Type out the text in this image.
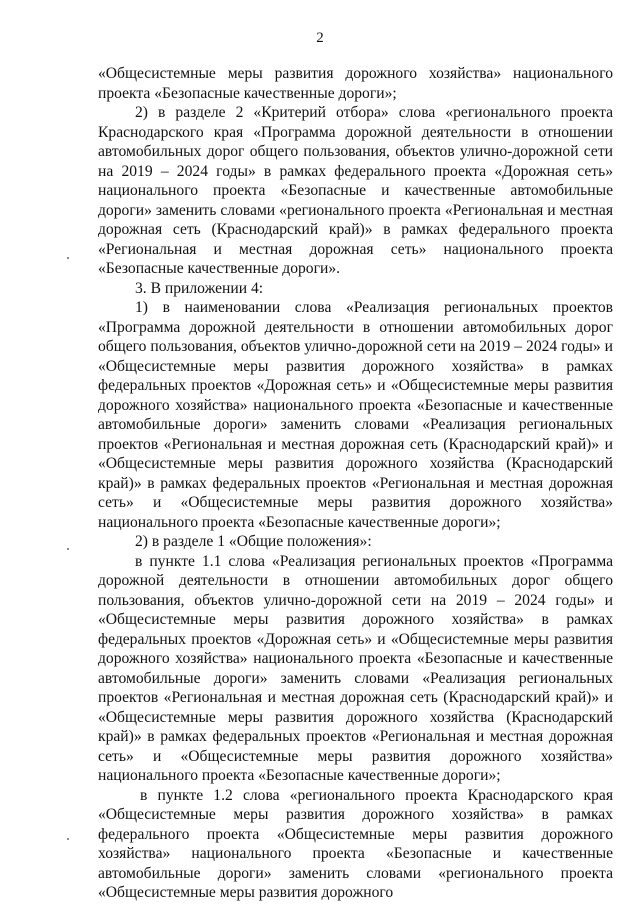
2

«Общесистемные меры развития дорожного хозяйства» национального проекта «Безопасные качественные дороги»;

2) в разделе 2 «Критерий отбора» слова «регионального проекта Краснодарского края «Программа дорожной деятельности в отношении автомобильных дорог общего пользования, объектов улично-дорожной сети на 2019 – 2024 годы» в рамках федерального проекта «Дорожная сеть» национального проекта «Безопасные и качественные автомобильные дороги» заменить словами «регионального проекта «Региональная и местная дорожная сеть (Краснодарский край)» в рамках федерального проекта «Региональная и местная дорожная сеть» национального проекта «Безопасные качественные дороги».

3. В приложении 4:

1) в наименовании слова «Реализация региональных проектов «Программа дорожной деятельности в отношении автомобильных дорог общего пользования, объектов улично-дорожной сети на 2019 – 2024 годы» и «Общесистемные меры развития дорожного хозяйства» в рамках федеральных проектов «Дорожная сеть» и «Общесистемные меры развития дорожного хозяйства» национального проекта «Безопасные и качественные автомобильные дороги» заменить словами «Реализация региональных проектов «Региональная и местная дорожная сеть (Краснодарский край)» и «Общесистемные меры развития дорожного хозяйства (Краснодарский край)» в рамках федеральных проектов «Региональная и местная дорожная сеть» и «Общесистемные меры развития дорожного хозяйства» национального проекта «Безопасные качественные дороги»;

2) в разделе 1 «Общие положения»:

в пункте 1.1 слова «Реализация региональных проектов «Программа дорожной деятельности в отношении автомобильных дорог общего пользования, объектов улично-дорожной сети на 2019 – 2024 годы» и «Общесистемные меры развития дорожного хозяйства» в рамках федеральных проектов «Дорожная сеть» и «Общесистемные меры развития дорожного хозяйства» национального проекта «Безопасные и качественные автомобильные дороги» заменить словами «Реализация региональных проектов «Региональная и местная дорожная сеть (Краснодарский край)» и «Общесистемные меры развития дорожного хозяйства (Краснодарский край)» в рамках федеральных проектов «Региональная и местная дорожная сеть» и «Общесистемные меры развития дорожного хозяйства» национального проекта «Безопасные качественные дороги»;

в пункте 1.2 слова «регионального проекта Краснодарского края «Общесистемные меры развития дорожного хозяйства» в рамках федерального проекта «Общесистемные меры развития дорожного хозяйства» национального проекта «Безопасные и качественные автомобильные дороги» заменить словами «регионального проекта «Общесистемные меры развития дорожного
